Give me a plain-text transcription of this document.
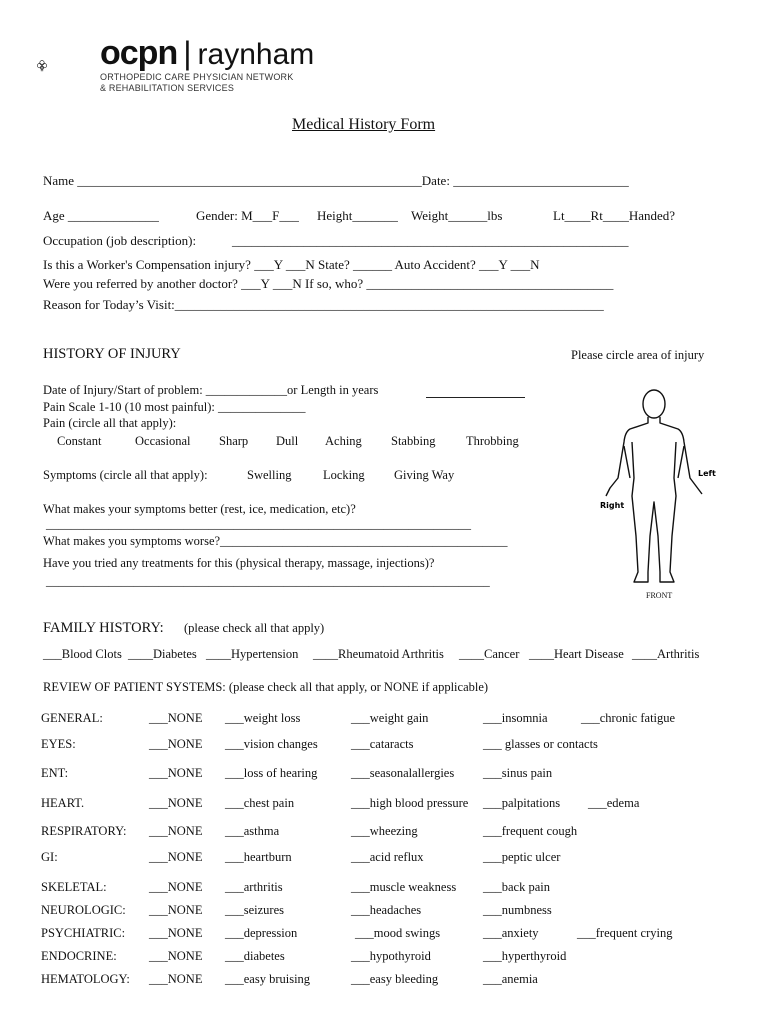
ocpn | raynham
ORTHOPEDIC CARE PHYSICIAN NETWORK
& REHABILITATION SERVICES
Medical History Form
Name _____________________________________________________Date: ___________________________
Age ______________	Gender: M___F___ Height_______ Weight______lbs	Lt____Rt____Handed?
Occupation (job description):	_____________________________________________________________
Is this a Worker's Compensation injury? ___Y ___N State? ______ Auto Accident? ___Y ___N
Were you referred by another doctor? ___Y ___N If so, who? ______________________________________
Reason for Today’s Visit:__________________________________________________________________
HISTORY OF INJURY	Please circle area of injury
Date of Injury/Start of problem: _____________or Length in years
Pain Scale 1-10 (10 most painful): ______________
Pain (circle all that apply):
Constant	Occasional Sharp Dull Aching Stabbing Throbbing
Symptoms (circle all that apply):	Swelling	Locking Giving Way
What makes your symptoms better (rest, ice, medication, etc)?
____________________________________________________________________
What makes you symptoms worse?______________________________________________
Have you tried any treatments for this (physical therapy, massage, injections)?
_______________________________________________________________________
Left
Right
FRONT
FAMILY HISTORY: (please check all that apply)
___Blood Clots ____Diabetes ____Hypertension ____Rheumatoid Arthritis ____Cancer ____Heart Disease ____Arthritis
REVIEW OF PATIENT SYSTEMS: (please check all that apply, or NONE if applicable)
GENERAL:	___NONE ___weight loss	___weight gain	___insomnia	___chronic fatigue
EYES:	___NONE ___vision changes	___cataracts	___ glasses or contacts
ENT:	___NONE ___loss of hearing	___seasonalallergies ___sinus pain
HEART.	___NONE ___chest pain	___high blood pressure ___palpitations ___edema
RESPIRATORY: ___NONE ___asthma	___wheezing	___frequent cough
GI:	___NONE ___heartburn	___acid reflux	___peptic ulcer
SKELETAL:	___NONE ___arthritis	___muscle weakness ___back pain
NEUROLOGIC: ___NONE ___seizures	___headaches	___numbness
PSYCHIATRIC: ___NONE ___depression	___mood swings	___anxiety	___frequent crying
ENDOCRINE:	___NONE ___diabetes	___hypothyroid	___hyperthyroid
HEMATOLOGY: ___NONE ___easy bruising	___easy bleeding	___anemia
